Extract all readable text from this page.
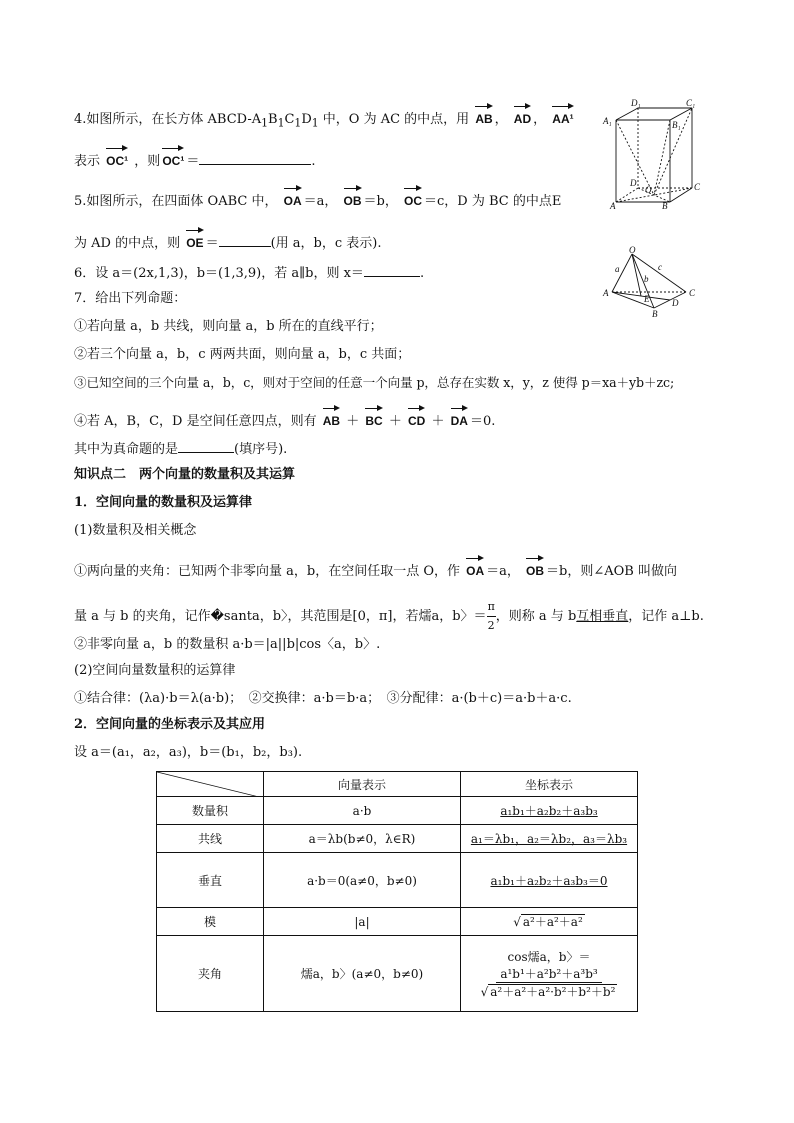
4.如图所示，在长方体 ABCD-$A_1B_1C_1D_1$ 中，O 为 AC 的中点，用 AB ， AD ， AA¹
表示 OC¹ ，则 OC¹ ＝	.
D₁	C₁
A₁	B₁
D
O	C
A	B
5.如图所示，在四面体 OABC 中， OA ＝a， OB ＝b， OC ＝c，D 为 BC 的中点E
为 AD 的中点，则 OE ＝	(用 a，b，c 表示).	O
a	c
b
A
E	D
C
B
6．设 a＝(2x,1,3)，b＝(1,3,9)，若 a∥b，则 x＝	.
7．给出下列命题：
①若向量 a，b 共线，则向量 a，b 所在的直线平行；
②若三个向量 a，b，c 两两共面，则向量 a，b，c 共面；
③已知空间的三个向量 a，b，c，则对于空间的任意一个向量 p，总存在实数 x，y，z 使得 p＝xa＋yb＋zc;
④若 A，B，C，D 是空间任意四点，则有 AB ＋ BC ＋ CD ＋ DA ＝0.
其中为真命题的是	(填序号).
知识点二　两个向量的数量积及其运算
1．空间向量的数量积及运算律
(1)数量积及相关概念
①两向量的夹角：已知两个非零向量 a，b，在空间任取一点 O，作 OA ＝a， OB ＝b，则∠AOB 叫做向
量 a 与 b 的夹角，记作�santa，b〉，其范围是[0，π]，若燸a，b〉＝ $\frac{\pi}{2}$ ，则称 a 与 b互相垂直，记作 a⊥b.
②非零向量 a，b 的数量积 a·b＝|a||b|cos〈a，b〉.
(2)空间向量数量积的运算律
①结合律：(λa)·b＝λ(a·b)；　②交换律：a·b＝b·a；　③分配律：a·(b＋c)＝a·b＋a·c.
2．空间向量的坐标表示及其应用
设 a＝(a₁，a₂，a₃)，b＝(b₁，b₂，b₃).
	向量表示	坐标表示
数量积	a·b	a₁b₁＋a₂b₂＋a₃b₃
共线	a＝λb(b≠0，λ∈R)	a₁＝λb₁，a₂＝λb₂，a₃＝λb₃
垂直	a·b＝0(a≠0，b≠0)	a₁b₁＋a₂b₂＋a₃b₃＝0
模	|a|	√ a²＋a²＋a²
夹角	燸a，b〉(a≠0，b≠0)	cos燸a，b〉＝
a¹b¹＋a²b²＋a³b³
√ a²＋a²＋a²·b²＋b²＋b²
